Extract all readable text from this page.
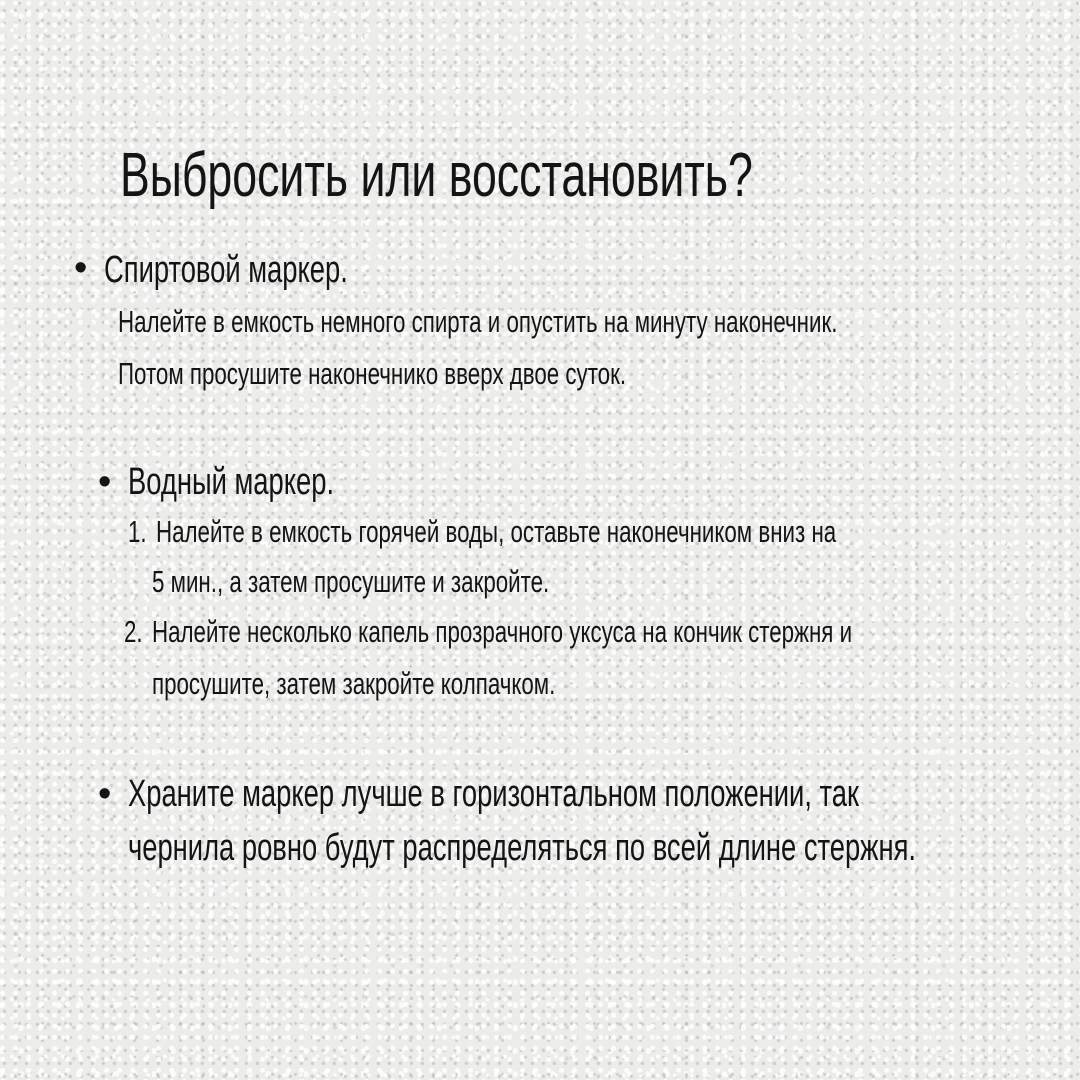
Выбросить или восстановить?
• Спиртовой маркер.
Налейте в емкость немного спирта и опустить на минуту наконечник.
Потом просушите наконечнико вверх двое суток.
• Водный маркер.
1. Налейте в емкость горячей воды, оставьте наконечником вниз на
5 мин., а затем просушите и закройте.
2. Налейте несколько капель прозрачного уксуса на кончик стержня и
просушите, затем закройте колпачком.
• Храните маркер лучше в горизонтальном положении, так
чернила ровно будут распределяться по всей длине стержня.
